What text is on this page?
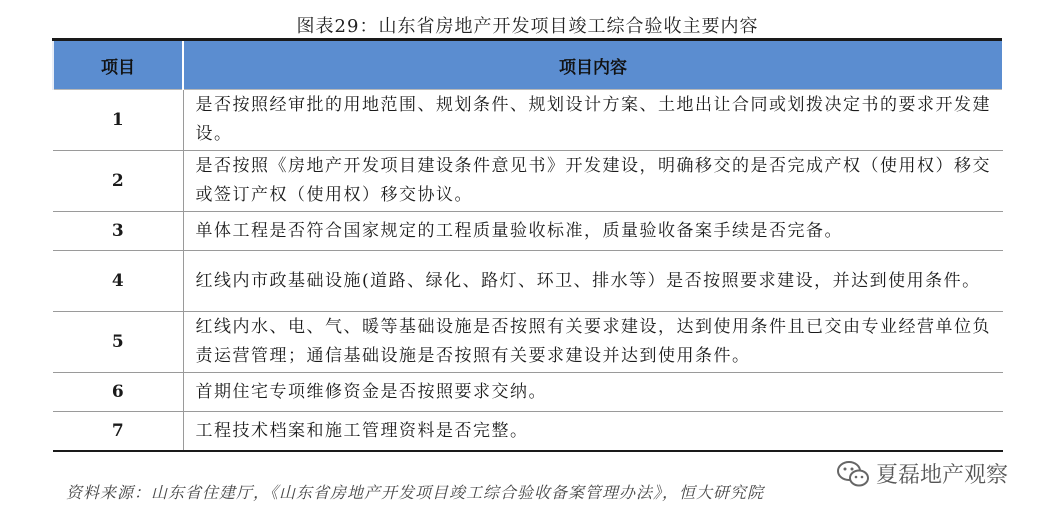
图表29：山东省房地产开发项目竣工综合验收主要内容
项目	项目内容
1	是否按照经审批的用地范围、规划条件、规划设计方案、土地出让合同或划拨决定书的要求开发建设。
2	是否按照《房地产开发项目建设条件意见书》开发建设，明确移交的是否完成产权（使用权）移交或签订产权（使用权）移交协议。
3	单体工程是否符合国家规定的工程质量验收标准，质量验收备案手续是否完备。
4	红线内市政基础设施(道路、绿化、路灯、环卫、排水等）是否按照要求建设，并达到使用条件。
5	红线内水、电、气、暖等基础设施是否按照有关要求建设，达到使用条件且已交由专业经营单位负责运营管理；通信基础设施是否按照有关要求建设并达到使用条件。
6	首期住宅专项维修资金是否按照要求交纳。
7	工程技术档案和施工管理资料是否完整。
资料来源：山东省住建厅，《山东省房地产开发项目竣工综合验收备案管理办法》，恒大研究院
夏磊地产观察
